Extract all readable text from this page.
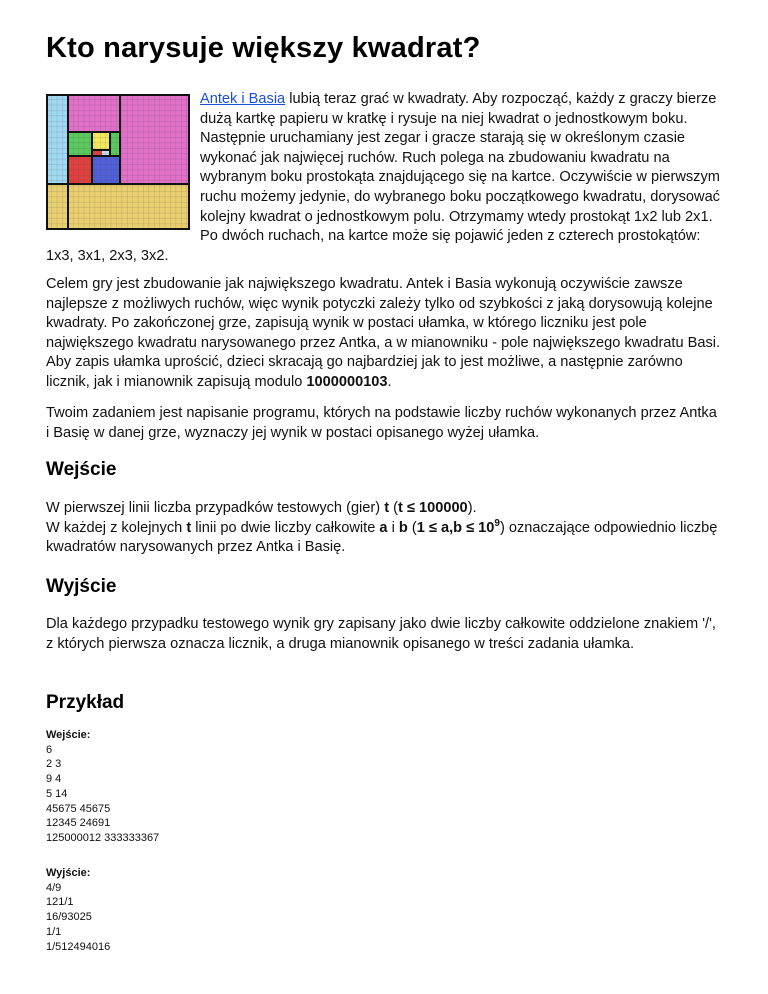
Kto narysuje większy kwadrat?
Antek i Basia lubią teraz grać w kwadraty. Aby rozpocząć, każdy z graczy bierze dużą kartkę papieru w kratkę i rysuje na niej kwadrat o jednostkowym boku. Następnie uruchamiany jest zegar i gracze starają się w określonym czasie wykonać jak najwięcej ruchów. Ruch polega na zbudowaniu kwadratu na wybranym boku prostokąta znajdującego się na kartce. Oczywiście w pierwszym ruchu możemy jedynie, do wybranego boku początkowego kwadratu, dorysować kolejny kwadrat o jednostkowym polu. Otrzymamy wtedy prostokąt 1x2 lub 2x1. Po dwóch ruchach, na kartce może się pojawić jeden z czterech prostokątów: 1x3, 3x1, 2x3, 3x2.
Celem gry jest zbudowanie jak największego kwadratu. Antek i Basia wykonują oczywiście zawsze najlepsze z możliwych ruchów, więc wynik potyczki zależy tylko od szybkości z jaką dorysowują kolejne kwadraty. Po zakończonej grze, zapisują wynik w postaci ułamka, w którego liczniku jest pole największego kwadratu narysowanego przez Antka, a w mianowniku - pole największego kwadratu Basi. Aby zapis ułamka uprościć, dzieci skracają go najbardziej jak to jest możliwe, a następnie zarówno licznik, jak i mianownik zapisują modulo 1000000103.
Twoim zadaniem jest napisanie programu, których na podstawie liczby ruchów wykonanych przez Antka i Basię w danej grze, wyznaczy jej wynik w postaci opisanego wyżej ułamka.
Wejście
W pierwszej linii liczba przypadków testowych (gier) t (t ≤ 100000).
W każdej z kolejnych t linii po dwie liczby całkowite a i b $(1 \le a,b \le 10^9)$ oznaczające odpowiednio liczbę kwadratów narysowanych przez Antka i Basię.
Wyjście
Dla każdego przypadku testowego wynik gry zapisany jako dwie liczby całkowite oddzielone znakiem '/', z których pierwsza oznacza licznik, a druga mianownik opisanego w treści zadania ułamka.
Przykład
Wejście:
6
2 3
9 4
5 14
45675 45675
12345 24691
125000012 333333367
Wyjście:
4/9
121/1
16/93025
1/1
1/512494016
